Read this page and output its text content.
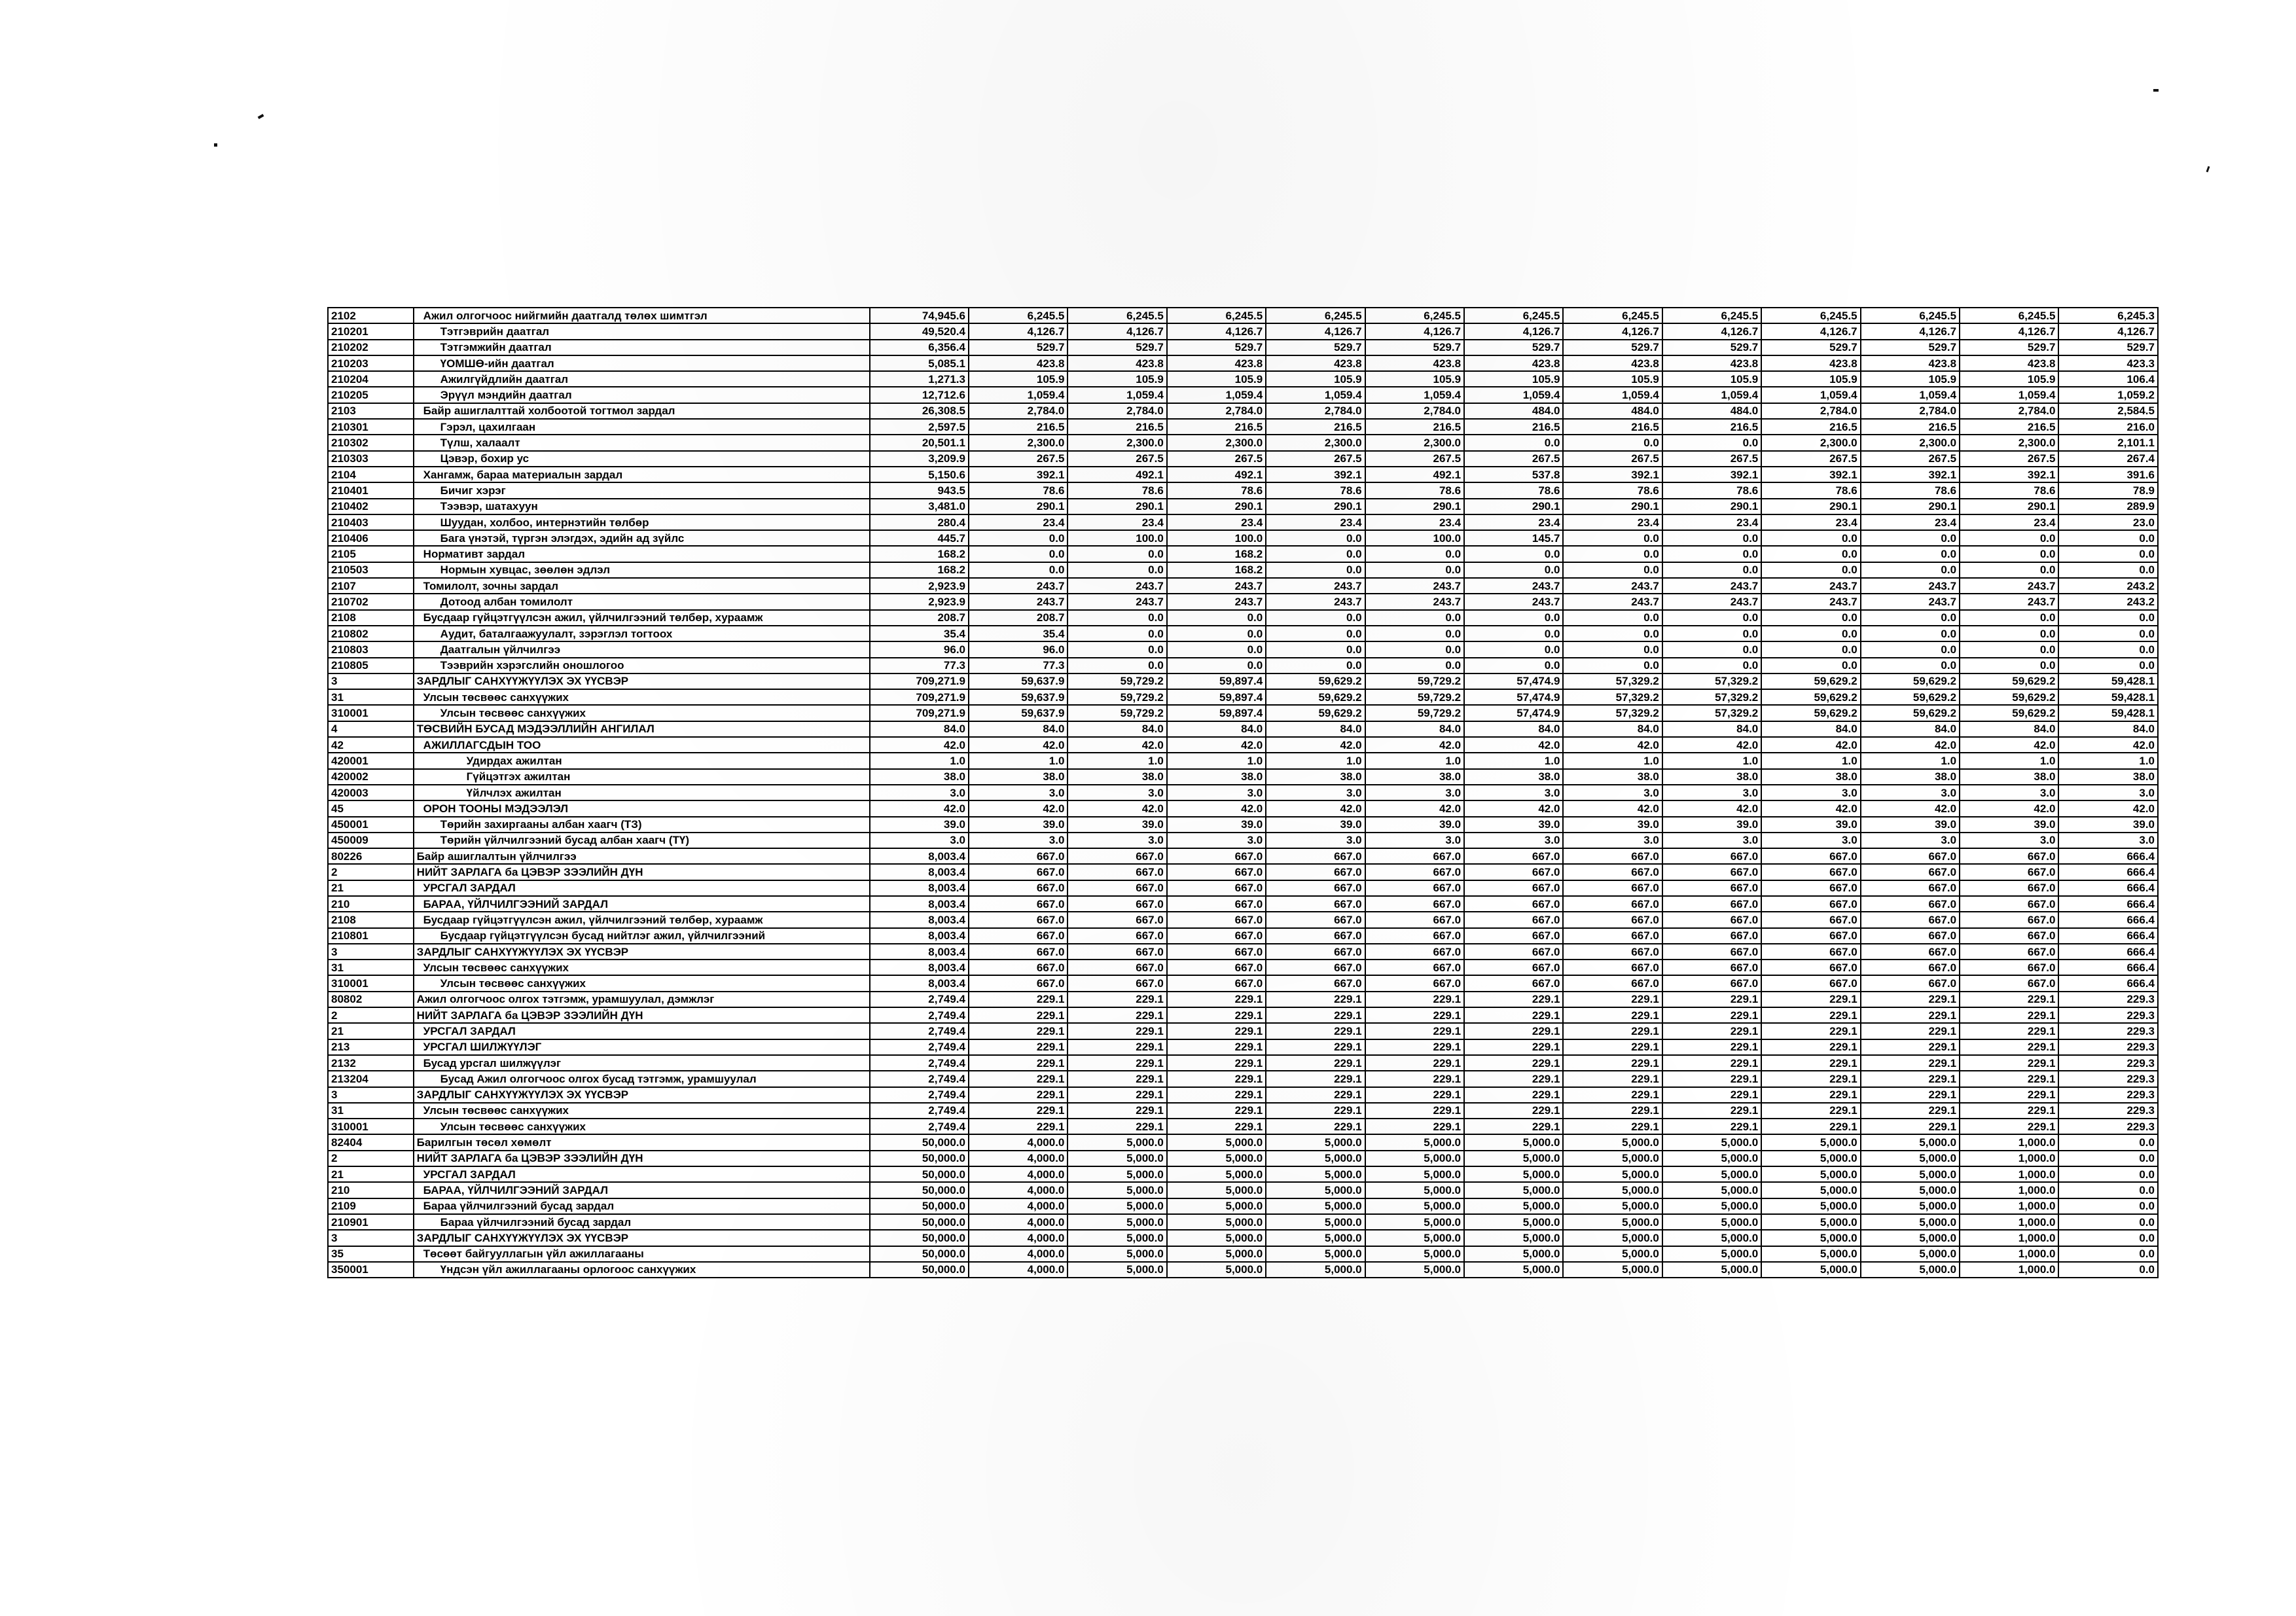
2102	Ажил олгогчоос нийгмийн даатгалд төлөх шимтгэл	74,945.6	6,245.5	6,245.5	6,245.5	6,245.5	6,245.5	6,245.5	6,245.5	6,245.5	6,245.5	6,245.5	6,245.5	6,245.3
210201	Тэтгэврийн даатгал	49,520.4	4,126.7	4,126.7	4,126.7	4,126.7	4,126.7	4,126.7	4,126.7	4,126.7	4,126.7	4,126.7	4,126.7	4,126.7
210202	Тэтгэмжийн даатгал	6,356.4	529.7	529.7	529.7	529.7	529.7	529.7	529.7	529.7	529.7	529.7	529.7	529.7
210203	ҮОМШӨ-ийн даатгал	5,085.1	423.8	423.8	423.8	423.8	423.8	423.8	423.8	423.8	423.8	423.8	423.8	423.3
210204	Ажилгүйдлийн даатгал	1,271.3	105.9	105.9	105.9	105.9	105.9	105.9	105.9	105.9	105.9	105.9	105.9	106.4
210205	Эрүүл мэндийн даатгал	12,712.6	1,059.4	1,059.4	1,059.4	1,059.4	1,059.4	1,059.4	1,059.4	1,059.4	1,059.4	1,059.4	1,059.4	1,059.2
2103	Байр ашиглалттай холбоотой тогтмол зардал	26,308.5	2,784.0	2,784.0	2,784.0	2,784.0	2,784.0	484.0	484.0	484.0	2,784.0	2,784.0	2,784.0	2,584.5
210301	Гэрэл, цахилгаан	2,597.5	216.5	216.5	216.5	216.5	216.5	216.5	216.5	216.5	216.5	216.5	216.5	216.0
210302	Түлш, халаалт	20,501.1	2,300.0	2,300.0	2,300.0	2,300.0	2,300.0	0.0	0.0	0.0	2,300.0	2,300.0	2,300.0	2,101.1
210303	Цэвэр, бохир ус	3,209.9	267.5	267.5	267.5	267.5	267.5	267.5	267.5	267.5	267.5	267.5	267.5	267.4
2104	Хангамж, бараа материалын зардал	5,150.6	392.1	492.1	492.1	392.1	492.1	537.8	392.1	392.1	392.1	392.1	392.1	391.6
210401	Бичиг хэрэг	943.5	78.6	78.6	78.6	78.6	78.6	78.6	78.6	78.6	78.6	78.6	78.6	78.9
210402	Тээвэр, шатахуун	3,481.0	290.1	290.1	290.1	290.1	290.1	290.1	290.1	290.1	290.1	290.1	290.1	289.9
210403	Шуудан, холбоо, интернэтийн төлбөр	280.4	23.4	23.4	23.4	23.4	23.4	23.4	23.4	23.4	23.4	23.4	23.4	23.0
210406	Бага үнэтэй, түргэн элэгдэх, эдийн ад зүйлс	445.7	0.0	100.0	100.0	0.0	100.0	145.7	0.0	0.0	0.0	0.0	0.0	0.0
2105	Нормативт зардал	168.2	0.0	0.0	168.2	0.0	0.0	0.0	0.0	0.0	0.0	0.0	0.0	0.0
210503	Нормын хувцас, зөөлөн эдлэл	168.2	0.0	0.0	168.2	0.0	0.0	0.0	0.0	0.0	0.0	0.0	0.0	0.0
2107	Томилолт, зочны зардал	2,923.9	243.7	243.7	243.7	243.7	243.7	243.7	243.7	243.7	243.7	243.7	243.7	243.2
210702	Дотоод албан томилолт	2,923.9	243.7	243.7	243.7	243.7	243.7	243.7	243.7	243.7	243.7	243.7	243.7	243.2
2108	Бусдаар гүйцэтгүүлсэн ажил, үйлчилгээний төлбөр, хураамж	208.7	208.7	0.0	0.0	0.0	0.0	0.0	0.0	0.0	0.0	0.0	0.0	0.0
210802	Аудит, баталгаажуулалт, зэрэглэл тогтоох	35.4	35.4	0.0	0.0	0.0	0.0	0.0	0.0	0.0	0.0	0.0	0.0	0.0
210803	Даатгалын үйлчилгээ	96.0	96.0	0.0	0.0	0.0	0.0	0.0	0.0	0.0	0.0	0.0	0.0	0.0
210805	Тээврийн хэрэгслийн оношлогоо	77.3	77.3	0.0	0.0	0.0	0.0	0.0	0.0	0.0	0.0	0.0	0.0	0.0
3	ЗАРДЛЫГ САНХҮҮЖҮҮЛЭХ ЭХ ҮҮСВЭР	709,271.9	59,637.9	59,729.2	59,897.4	59,629.2	59,729.2	57,474.9	57,329.2	57,329.2	59,629.2	59,629.2	59,629.2	59,428.1
31	Улсын төсвөөс санхүүжих	709,271.9	59,637.9	59,729.2	59,897.4	59,629.2	59,729.2	57,474.9	57,329.2	57,329.2	59,629.2	59,629.2	59,629.2	59,428.1
310001	Улсын төсвөөс санхүүжих	709,271.9	59,637.9	59,729.2	59,897.4	59,629.2	59,729.2	57,474.9	57,329.2	57,329.2	59,629.2	59,629.2	59,629.2	59,428.1
4	ТӨСВИЙН БУСАД МЭДЭЭЛЛИЙН АНГИЛАЛ	84.0	84.0	84.0	84.0	84.0	84.0	84.0	84.0	84.0	84.0	84.0	84.0	84.0
42	АЖИЛЛАГСДЫН ТОО	42.0	42.0	42.0	42.0	42.0	42.0	42.0	42.0	42.0	42.0	42.0	42.0	42.0
420001	Удирдах ажилтан	1.0	1.0	1.0	1.0	1.0	1.0	1.0	1.0	1.0	1.0	1.0	1.0	1.0
420002	Гүйцэтгэх ажилтан	38.0	38.0	38.0	38.0	38.0	38.0	38.0	38.0	38.0	38.0	38.0	38.0	38.0
420003	Үйлчлэх ажилтан	3.0	3.0	3.0	3.0	3.0	3.0	3.0	3.0	3.0	3.0	3.0	3.0	3.0
45	ОРОН ТООНЫ МЭДЭЭЛЭЛ	42.0	42.0	42.0	42.0	42.0	42.0	42.0	42.0	42.0	42.0	42.0	42.0	42.0
450001	Төрийн захиргааны албан хаагч (ТЗ)	39.0	39.0	39.0	39.0	39.0	39.0	39.0	39.0	39.0	39.0	39.0	39.0	39.0
450009	Төрийн үйлчилгээний бусад албан хаагч (ТҮ)	3.0	3.0	3.0	3.0	3.0	3.0	3.0	3.0	3.0	3.0	3.0	3.0	3.0
80226	Байр ашиглалтын үйлчилгээ	8,003.4	667.0	667.0	667.0	667.0	667.0	667.0	667.0	667.0	667.0	667.0	667.0	666.4
2	НИЙТ ЗАРЛАГА ба ЦЭВЭР ЗЭЭЛИЙН ДҮН	8,003.4	667.0	667.0	667.0	667.0	667.0	667.0	667.0	667.0	667.0	667.0	667.0	666.4
21	УРСГАЛ ЗАРДАЛ	8,003.4	667.0	667.0	667.0	667.0	667.0	667.0	667.0	667.0	667.0	667.0	667.0	666.4
210	БАРАА, ҮЙЛЧИЛГЭЭНИЙ ЗАРДАЛ	8,003.4	667.0	667.0	667.0	667.0	667.0	667.0	667.0	667.0	667.0	667.0	667.0	666.4
2108	Бусдаар гүйцэтгүүлсэн ажил, үйлчилгээний төлбөр, хураамж	8,003.4	667.0	667.0	667.0	667.0	667.0	667.0	667.0	667.0	667.0	667.0	667.0	666.4
210801	Бусдаар гүйцэтгүүлсэн бусад нийтлэг ажил, үйлчилгээний	8,003.4	667.0	667.0	667.0	667.0	667.0	667.0	667.0	667.0	667.0	667.0	667.0	666.4
3	ЗАРДЛЫГ САНХҮҮЖҮҮЛЭХ ЭХ ҮҮСВЭР	8,003.4	667.0	667.0	667.0	667.0	667.0	667.0	667.0	667.0	667.0	667.0	667.0	666.4
31	Улсын төсвөөс санхүүжих	8,003.4	667.0	667.0	667.0	667.0	667.0	667.0	667.0	667.0	667.0	667.0	667.0	666.4
310001	Улсын төсвөөс санхүүжих	8,003.4	667.0	667.0	667.0	667.0	667.0	667.0	667.0	667.0	667.0	667.0	667.0	666.4
80802	Ажил олгогчоос олгох тэтгэмж, урамшуулал, дэмжлэг	2,749.4	229.1	229.1	229.1	229.1	229.1	229.1	229.1	229.1	229.1	229.1	229.1	229.3
2	НИЙТ ЗАРЛАГА ба ЦЭВЭР ЗЭЭЛИЙН ДҮН	2,749.4	229.1	229.1	229.1	229.1	229.1	229.1	229.1	229.1	229.1	229.1	229.1	229.3
21	УРСГАЛ ЗАРДАЛ	2,749.4	229.1	229.1	229.1	229.1	229.1	229.1	229.1	229.1	229.1	229.1	229.1	229.3
213	УРСГАЛ ШИЛЖҮҮЛЭГ	2,749.4	229.1	229.1	229.1	229.1	229.1	229.1	229.1	229.1	229.1	229.1	229.1	229.3
2132	Бусад урсгал шилжүүлэг	2,749.4	229.1	229.1	229.1	229.1	229.1	229.1	229.1	229.1	229.1	229.1	229.1	229.3
213204	Бусад Ажил олгогчоос олгох бусад тэтгэмж, урамшуулал	2,749.4	229.1	229.1	229.1	229.1	229.1	229.1	229.1	229.1	229.1	229.1	229.1	229.3
3	ЗАРДЛЫГ САНХҮҮЖҮҮЛЭХ ЭХ ҮҮСВЭР	2,749.4	229.1	229.1	229.1	229.1	229.1	229.1	229.1	229.1	229.1	229.1	229.1	229.3
31	Улсын төсвөөс санхүүжих	2,749.4	229.1	229.1	229.1	229.1	229.1	229.1	229.1	229.1	229.1	229.1	229.1	229.3
310001	Улсын төсвөөс санхүүжих	2,749.4	229.1	229.1	229.1	229.1	229.1	229.1	229.1	229.1	229.1	229.1	229.1	229.3
82404	Барилгын төсөл хөмөлт	50,000.0	4,000.0	5,000.0	5,000.0	5,000.0	5,000.0	5,000.0	5,000.0	5,000.0	5,000.0	5,000.0	1,000.0	0.0
2	НИЙТ ЗАРЛАГА ба ЦЭВЭР ЗЭЭЛИЙН ДҮН	50,000.0	4,000.0	5,000.0	5,000.0	5,000.0	5,000.0	5,000.0	5,000.0	5,000.0	5,000.0	5,000.0	1,000.0	0.0
21	УРСГАЛ ЗАРДАЛ	50,000.0	4,000.0	5,000.0	5,000.0	5,000.0	5,000.0	5,000.0	5,000.0	5,000.0	5,000.0	5,000.0	1,000.0	0.0
210	БАРАА, ҮЙЛЧИЛГЭЭНИЙ ЗАРДАЛ	50,000.0	4,000.0	5,000.0	5,000.0	5,000.0	5,000.0	5,000.0	5,000.0	5,000.0	5,000.0	5,000.0	1,000.0	0.0
2109	Бараа үйлчилгээний бусад зардал	50,000.0	4,000.0	5,000.0	5,000.0	5,000.0	5,000.0	5,000.0	5,000.0	5,000.0	5,000.0	5,000.0	1,000.0	0.0
210901	Бараа үйлчилгээний бусад зардал	50,000.0	4,000.0	5,000.0	5,000.0	5,000.0	5,000.0	5,000.0	5,000.0	5,000.0	5,000.0	5,000.0	1,000.0	0.0
3	ЗАРДЛЫГ САНХҮҮЖҮҮЛЭХ ЭХ ҮҮСВЭР	50,000.0	4,000.0	5,000.0	5,000.0	5,000.0	5,000.0	5,000.0	5,000.0	5,000.0	5,000.0	5,000.0	1,000.0	0.0
35	Төсөөт байгууллагын үйл ажиллагааны	50,000.0	4,000.0	5,000.0	5,000.0	5,000.0	5,000.0	5,000.0	5,000.0	5,000.0	5,000.0	5,000.0	1,000.0	0.0
350001	Үндсэн үйл ажиллагааны орлогоос санхүүжих	50,000.0	4,000.0	5,000.0	5,000.0	5,000.0	5,000.0	5,000.0	5,000.0	5,000.0	5,000.0	5,000.0	1,000.0	0.0
